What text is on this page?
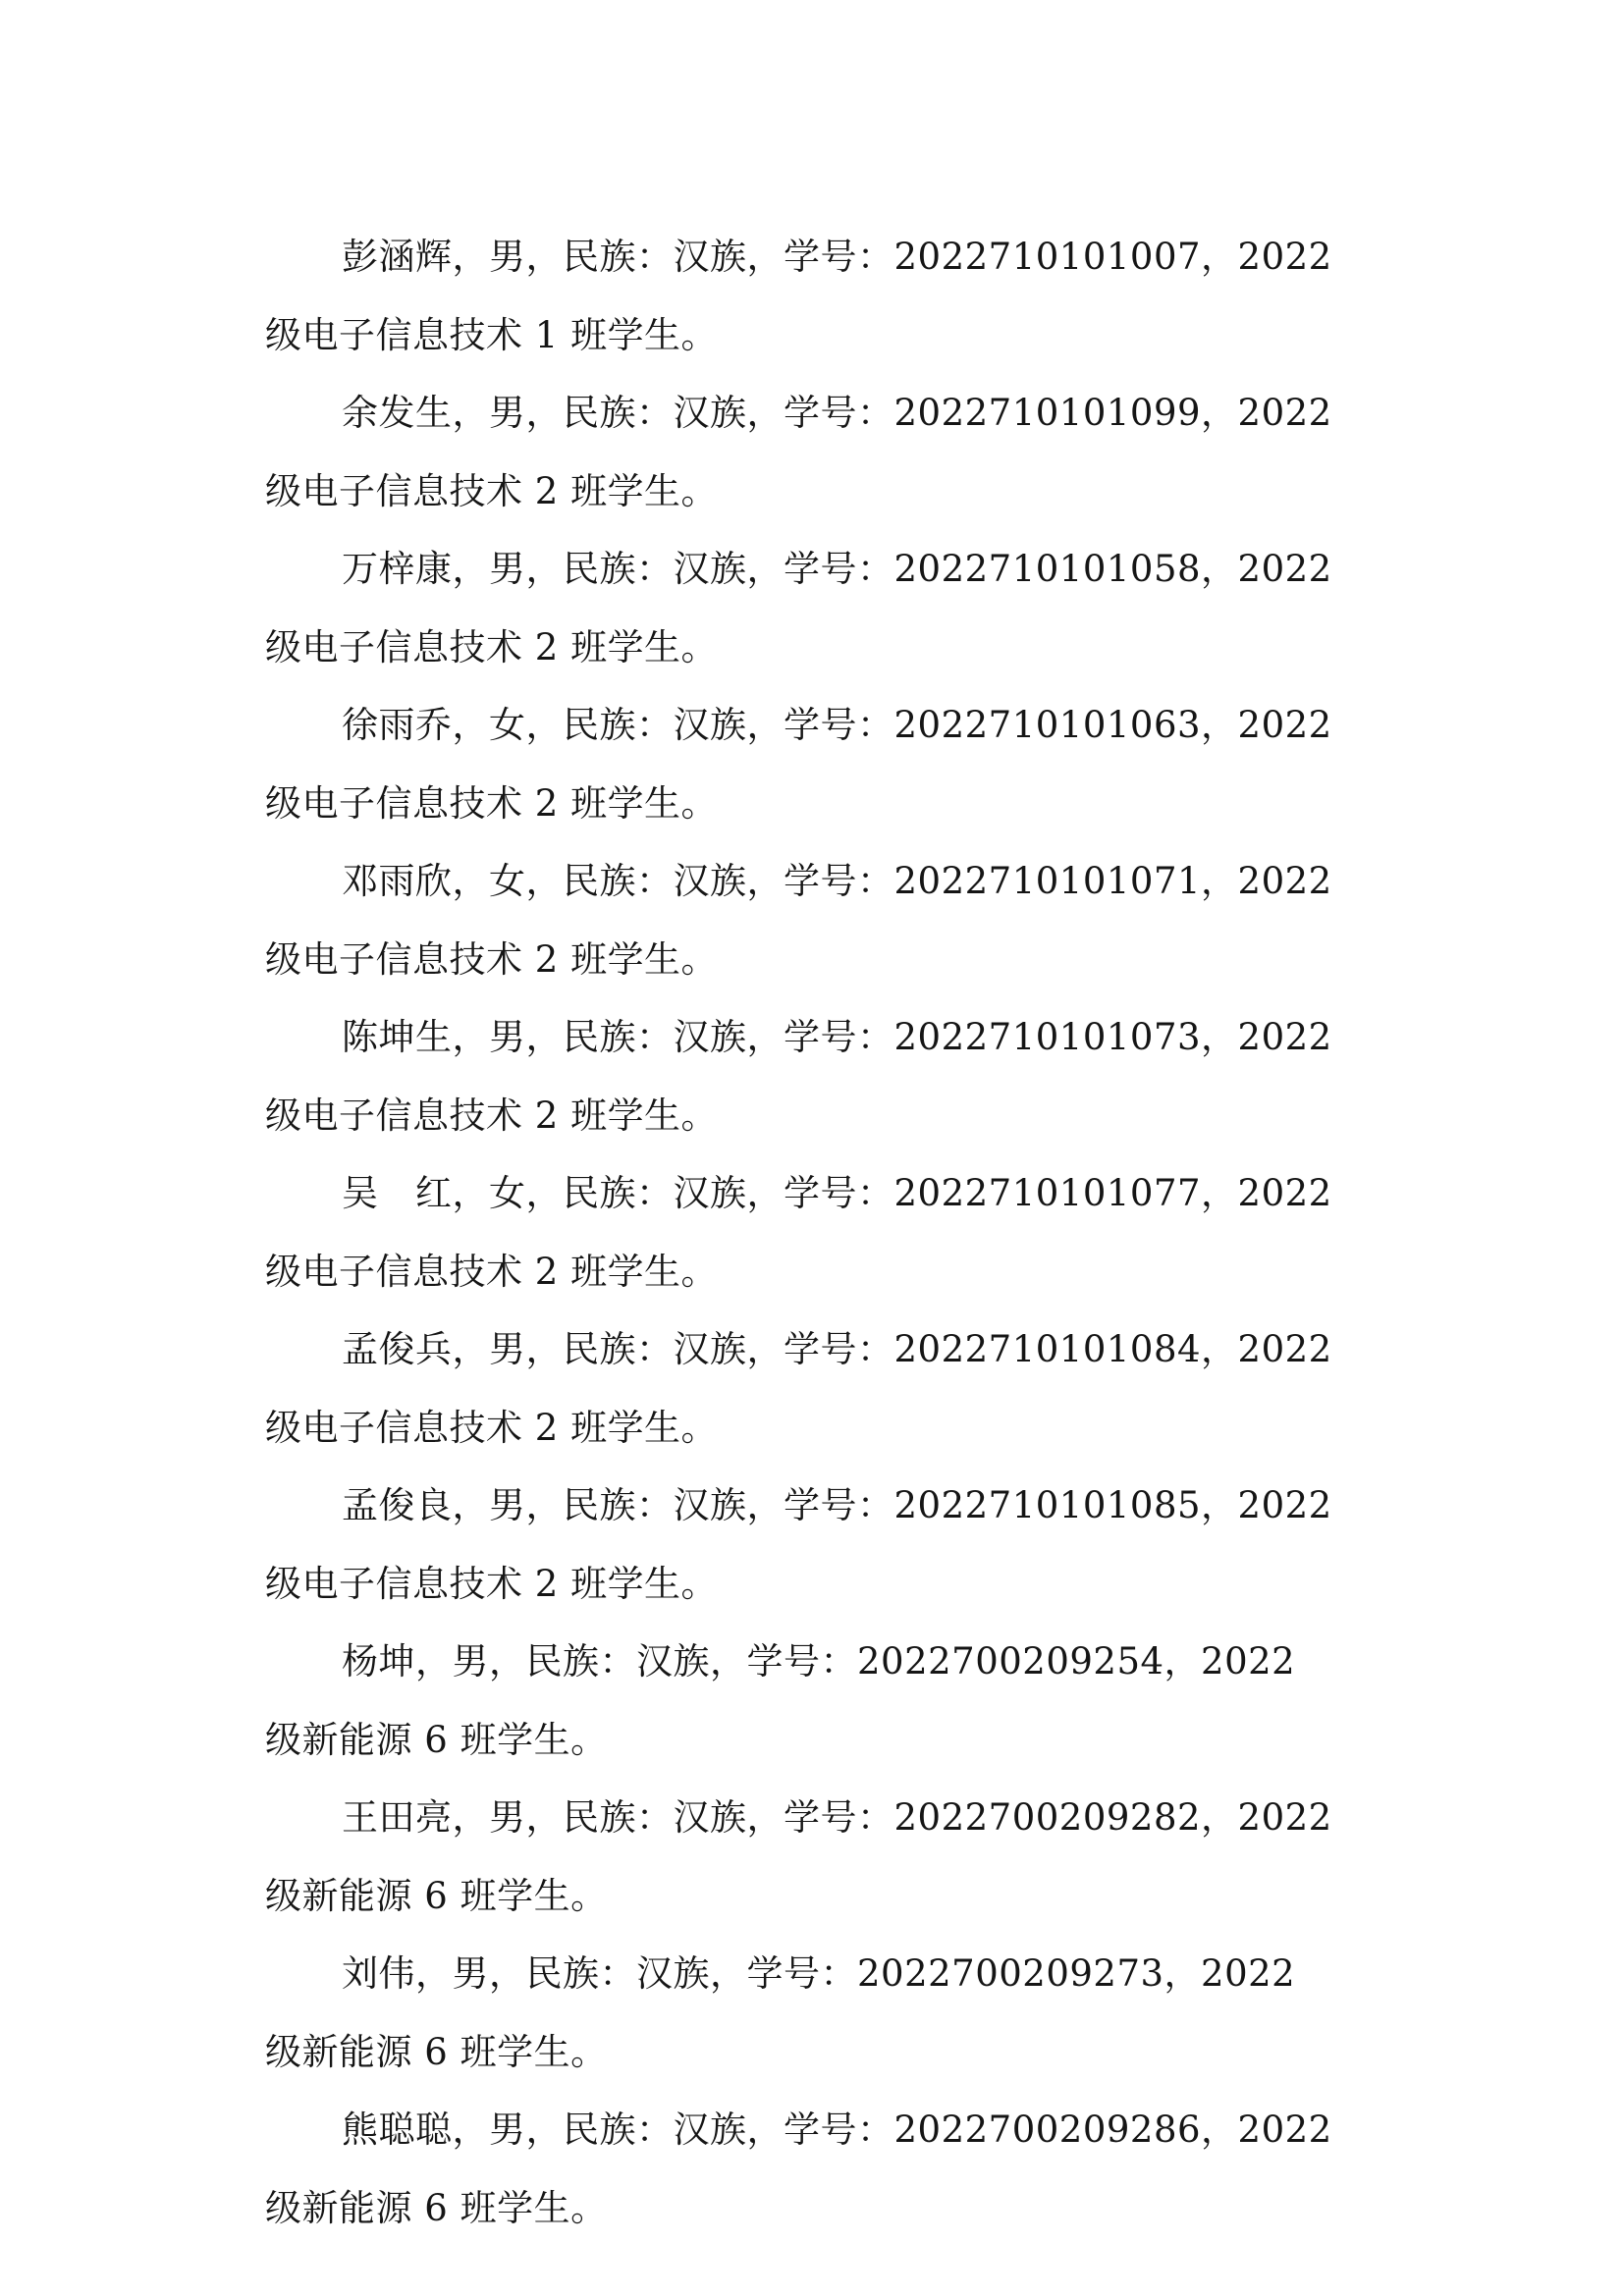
彭涵辉，男，民族：汉族，学号：2022710101007，2022
级电子信息技术 1 班学生。

余发生，男，民族：汉族，学号：2022710101099，2022
级电子信息技术 2 班学生。

万梓康，男，民族：汉族，学号：2022710101058，2022
级电子信息技术 2 班学生。

徐雨乔，女，民族：汉族，学号：2022710101063，2022
级电子信息技术 2 班学生。

邓雨欣，女，民族：汉族，学号：2022710101071，2022
级电子信息技术 2 班学生。

陈坤生，男，民族：汉族，学号：2022710101073，2022
级电子信息技术 2 班学生。

吴　红，女，民族：汉族，学号：2022710101077，2022
级电子信息技术 2 班学生。

孟俊兵，男，民族：汉族，学号：2022710101084，2022
级电子信息技术 2 班学生。

孟俊良，男，民族：汉族，学号：2022710101085，2022
级电子信息技术 2 班学生。

杨坤，男，民族：汉族，学号：2022700209254，2022
级新能源 6 班学生。

王田亮，男，民族：汉族，学号：2022700209282，2022
级新能源 6 班学生。

刘伟，男，民族：汉族，学号：2022700209273，2022
级新能源 6 班学生。

熊聪聪，男，民族：汉族，学号：2022700209286，2022
级新能源 6 班学生。
